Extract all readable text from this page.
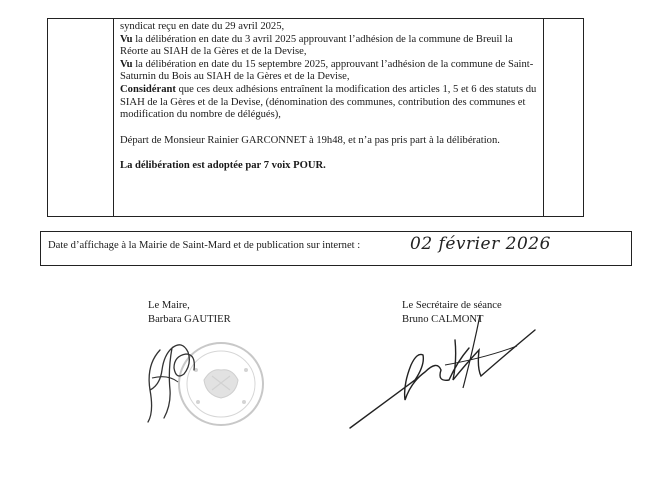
syndicat reçu en date du 29 avril 2025,

Vu la délibération en date du 3 avril 2025 approuvant l’adhésion de la commune de Breuil la Réorte au SIAH de la Gères et de la Devise,

Vu la délibération en date du 15 septembre 2025, approuvant l’adhésion de la commune de Saint-Saturnin du Bois au SIAH de la Gères et de la Devise,

Considérant que ces deux adhésions entraînent la modification des articles 1, 5 et 6 des statuts du SIAH de la Gères et de la Devise, (dénomination des communes, contribution des communes et modification du nombre de délégués),

Départ de Monsieur Rainier GARCONNET à 19h48, et n’a pas pris part à la délibération.

La délibération est adoptée par 7 voix POUR.

Date d’affichage à la Mairie de Saint-Mard et de publication sur internet :	02 février 2026
Le Maire,
Barbara GAUTIER
Le Secrétaire de séance
Bruno CALMONT
